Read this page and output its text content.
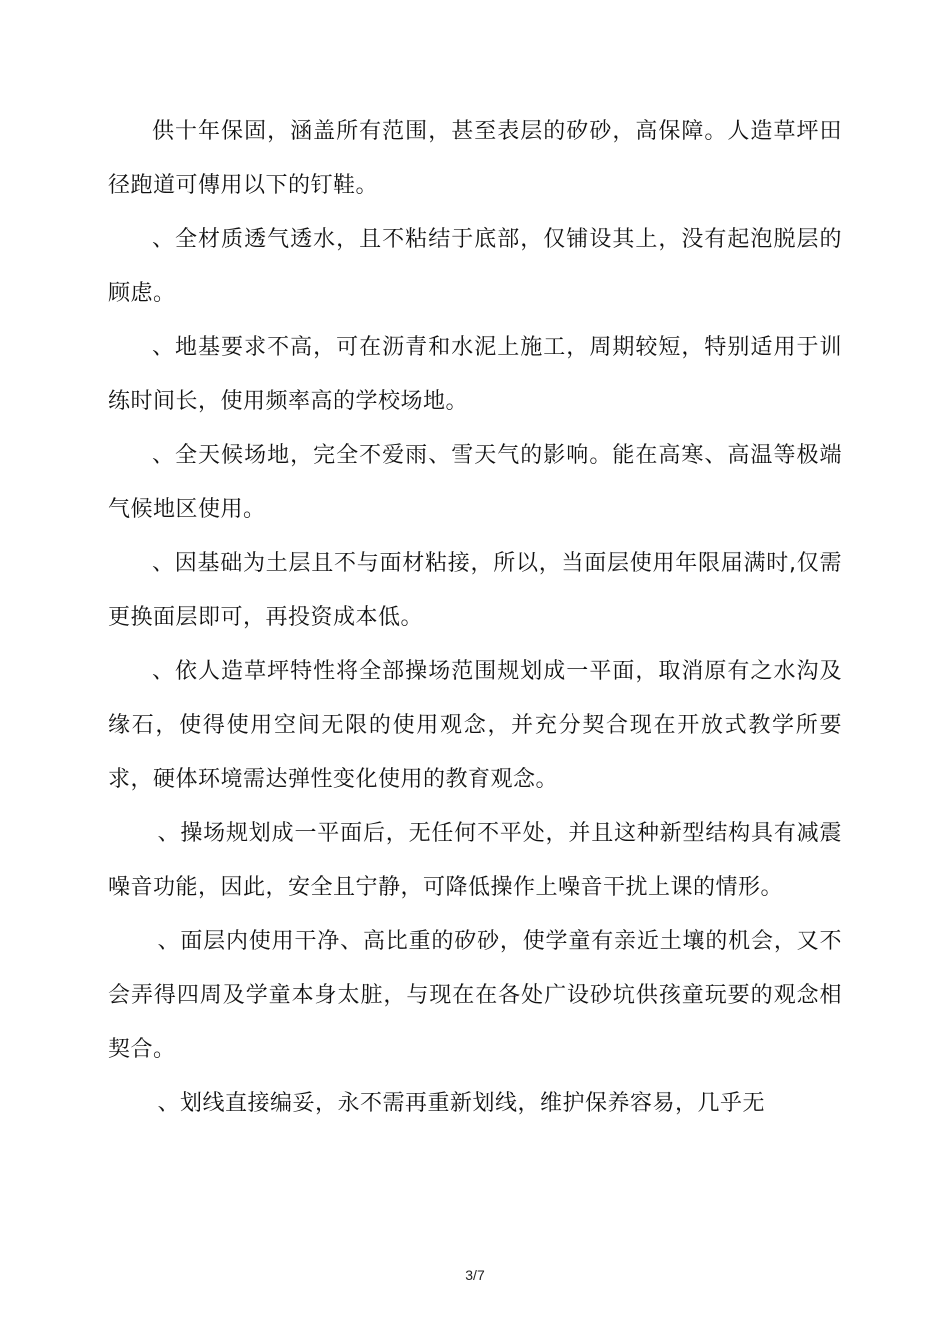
供十年保固，涵盖所有范围，甚至表层的矽砂，高保障。人造草坪田径跑道可傳用以下的钉鞋。

、全材质透气透水，且不粘结于底部，仅铺设其上，没有起泡脱层的顾虑。

、地基要求不高，可在沥青和水泥上施工，周期较短，特别适用于训练时间长，使用频率高的学校场地。

、全天候场地，完全不爱雨、雪天气的影响。能在高寒、高温等极端气候地区使用。

、因基础为土层且不与面材粘接，所以，当面层使用年限届满时,仅需更换面层即可，再投资成本低。

、依人造草坪特性将全部操场范围规划成一平面，取消原有之水沟及缘石，使得使用空间无限的使用观念，并充分契合现在开放式教学所要求，硬体环境需达弹性变化使用的教育观念。

、操场规划成一平面后，无任何不平处，并且这种新型结构具有减震噪音功能，因此，安全且宁静，可降低操作上噪音干扰上课的情形。

、面层内使用干净、高比重的矽砂，使学童有亲近土壤的机会，又不会弄得四周及学童本身太脏，与现在在各处广设砂坑供孩童玩要的观念相契合。

、划线直接编妥，永不需再重新划线，维护保养容易，几乎无

3/7
